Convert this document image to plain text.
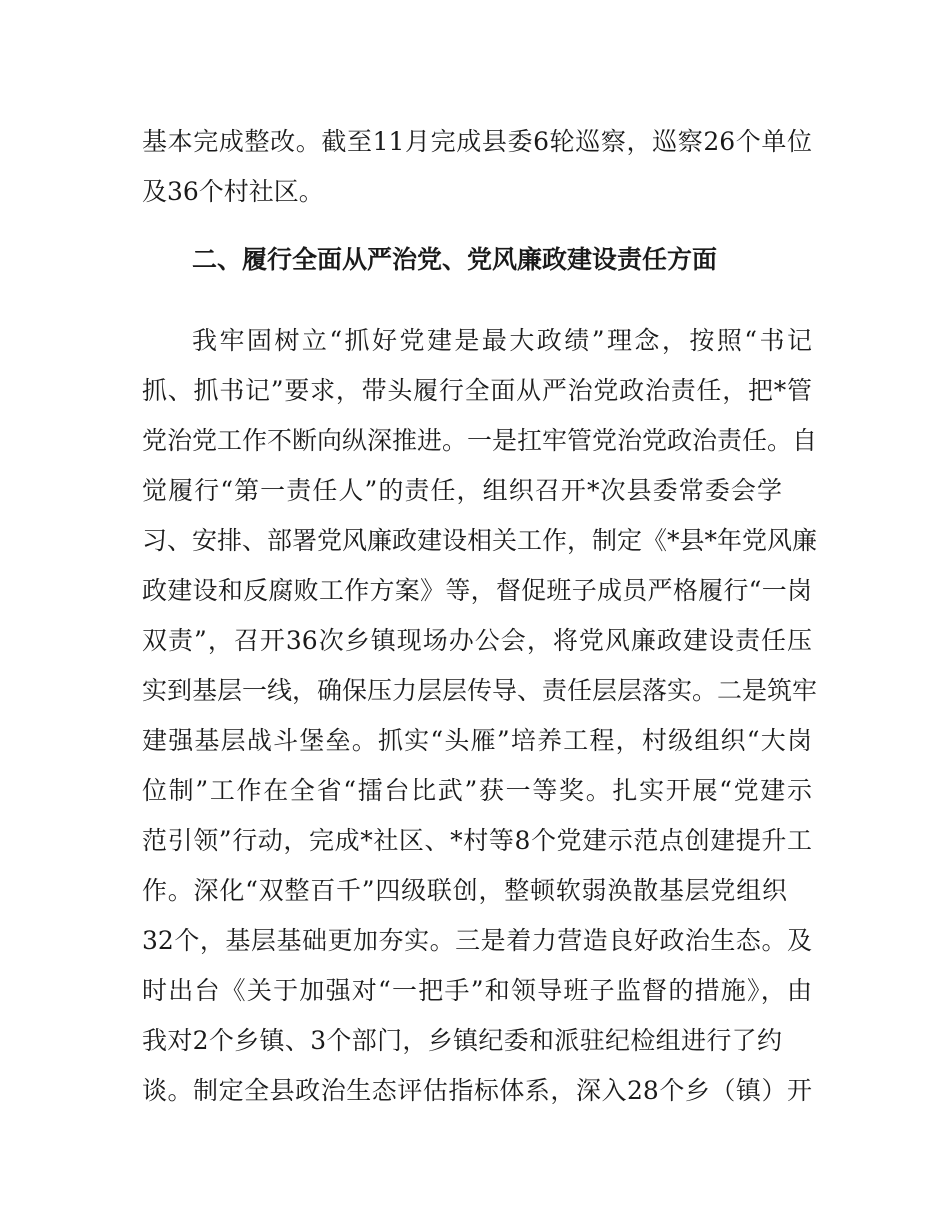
基本完成整改。截至11月完成县委6轮巡察，巡察26个单位
及36个村社区。
二、履行全面从严治党、党风廉政建设责任方面
我牢固树立“抓好党建是最大政绩”理念，按照“书记
抓、抓书记”要求，带头履行全面从严治党政治责任，把*管
党治党工作不断向纵深推进。一是扛牢管党治党政治责任。自
觉履行“第一责任人”的责任，组织召开*次县委常委会学
习、安排、部署党风廉政建设相关工作，制定《*县*年党风廉
政建设和反腐败工作方案》等，督促班子成员严格履行“一岗
双责”，召开36次乡镇现场办公会，将党风廉政建设责任压
实到基层一线，确保压力层层传导、责任层层落实。二是筑牢
建强基层战斗堡垒。抓实“头雁”培养工程，村级组织“大岗
位制”工作在全省“擂台比武”获一等奖。扎实开展“党建示
范引领”行动，完成*社区、*村等8个党建示范点创建提升工
作。深化“双整百千”四级联创，整顿软弱涣散基层党组织
32个，基层基础更加夯实。三是着力营造良好政治生态。及
时出台《关于加强对“一把手”和领导班子监督的措施》，由
我对2个乡镇、3个部门，乡镇纪委和派驻纪检组进行了约
谈。制定全县政治生态评估指标体系，深入28个乡（镇）开
